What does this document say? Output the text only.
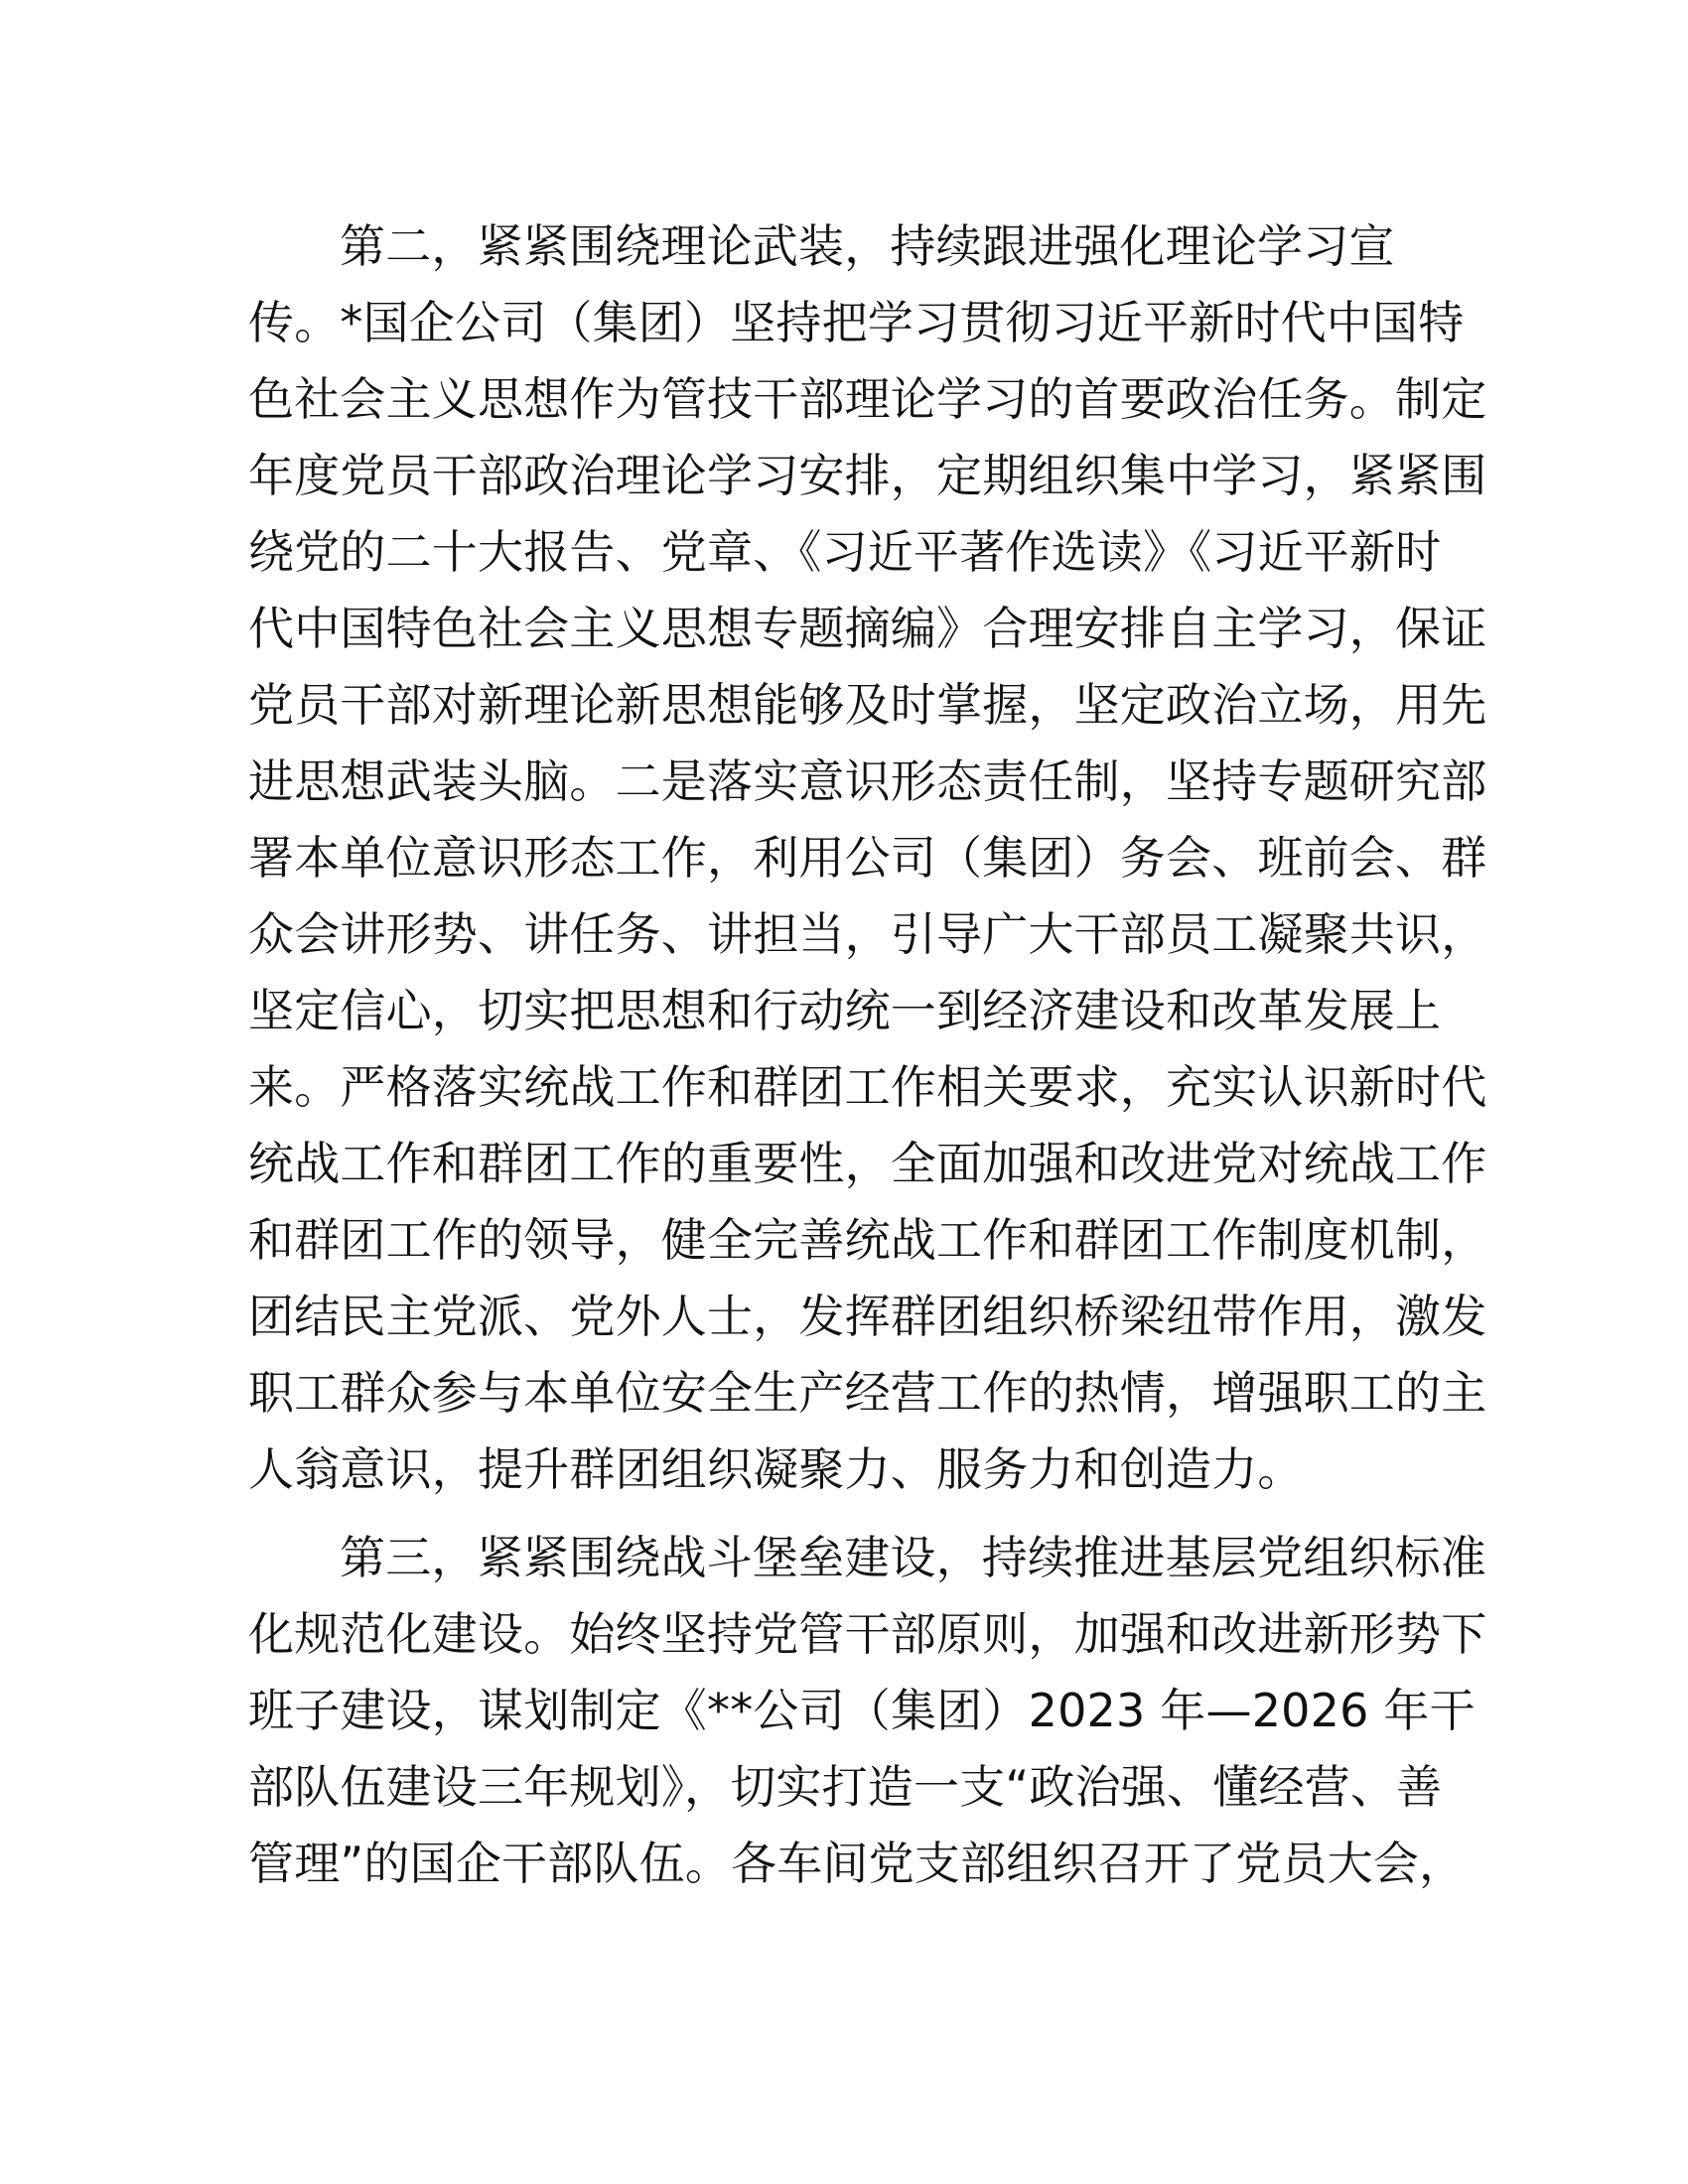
第二，紧紧围绕理论武装，持续跟进强化理论学习宣
传。*国企公司（集团）坚持把学习贯彻习近平新时代中国特
色社会主义思想作为管技干部理论学习的首要政治任务。制定
年度党员干部政治理论学习安排，定期组织集中学习，紧紧围
绕党的二十大报告、党章、《习近平著作选读》《习近平新时
代中国特色社会主义思想专题摘编》合理安排自主学习，保证
党员干部对新理论新思想能够及时掌握，坚定政治立场，用先
进思想武装头脑。二是落实意识形态责任制，坚持专题研究部
署本单位意识形态工作，利用公司（集团）务会、班前会、群
众会讲形势、讲任务、讲担当，引导广大干部员工凝聚共识，
坚定信心，切实把思想和行动统一到经济建设和改革发展上
来。严格落实统战工作和群团工作相关要求，充实认识新时代
统战工作和群团工作的重要性，全面加强和改进党对统战工作
和群团工作的领导，健全完善统战工作和群团工作制度机制，
团结民主党派、党外人士，发挥群团组织桥梁纽带作用，激发
职工群众参与本单位安全生产经营工作的热情，增强职工的主
人翁意识，提升群团组织凝聚力、服务力和创造力。
第三，紧紧围绕战斗堡垒建设，持续推进基层党组织标准
化规范化建设。始终坚持党管干部原则，加强和改进新形势下
班子建设，谋划制定《**公司（集团）2023 年—2026 年干
部队伍建设三年规划》，切实打造一支“政治强、懂经营、善
管理”的国企干部队伍。各车间党支部组织召开了党员大会，
